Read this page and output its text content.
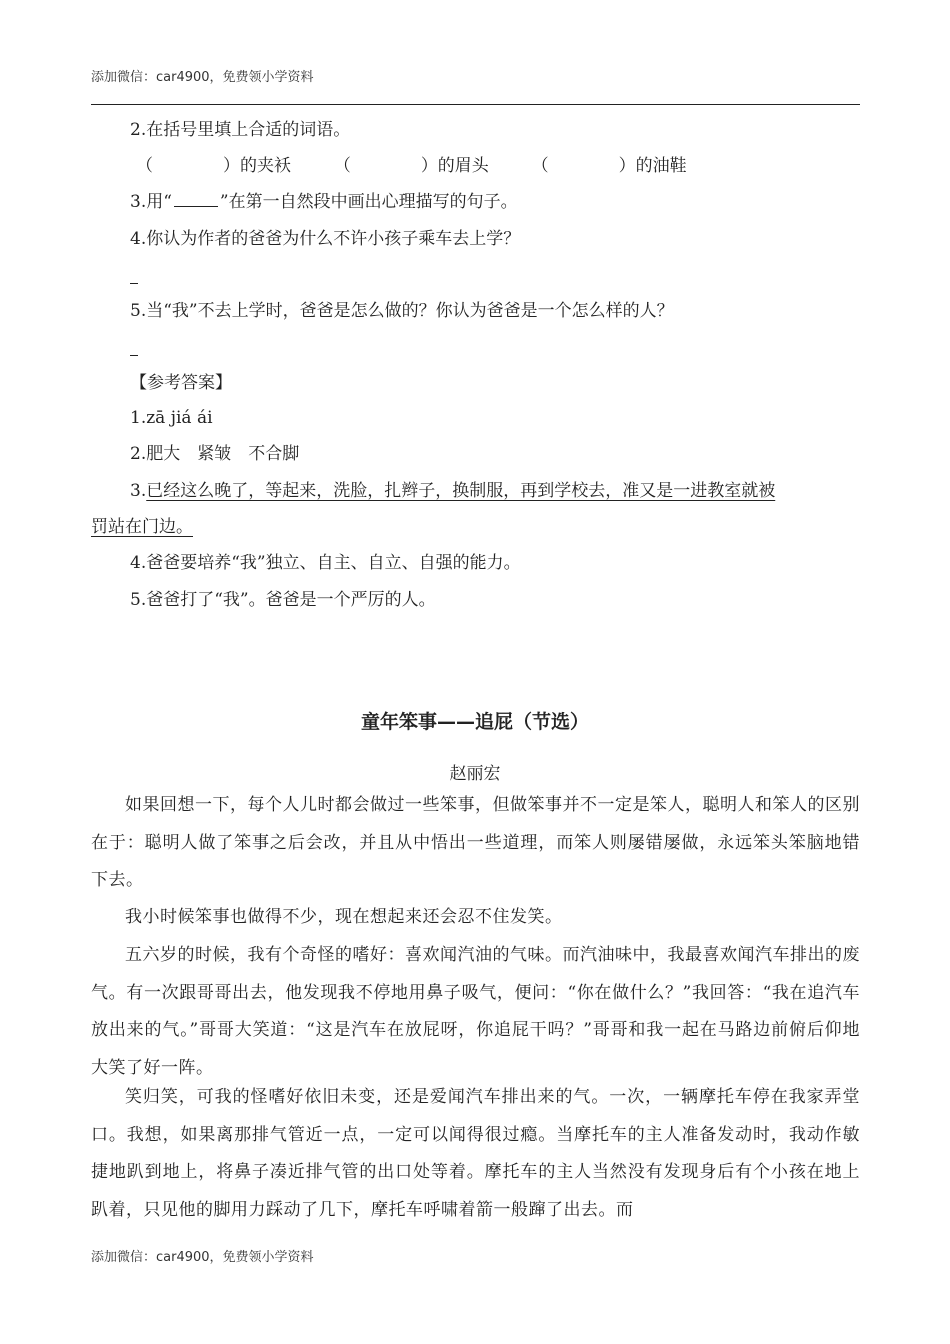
添加微信：car4900，免费领小学资料
2.在括号里填上合适的词语。
（	）的夹袄	（	）的眉头	（	）的油鞋
3.用“	”在第一自然段中画出心理描写的句子。
4.你认为作者的爸爸为什么不许小孩子乘车去上学？
5.当“我”不去上学时，爸爸是怎么做的？你认为爸爸是一个怎么样的人？
【参考答案】
1.zā jiá ái
2.肥大　紧皱　不合脚
3.已经这么晚了，等起来，洗脸，扎辫子，换制服，再到学校去，准又是一进教室就被
罚站在门边。
4.爸爸要培养“我”独立、自主、自立、自强的能力。
5.爸爸打了“我”。爸爸是一个严厉的人。
童年笨事——追屁（节选）
赵丽宏

如果回想一下，每个人儿时都会做过一些笨事，但做笨事并不一定是笨人，聪明人和笨人的区别在于：聪明人做了笨事之后会改，并且从中悟出一些道理，而笨人则屡错屡做，永远笨头笨脑地错下去。

我小时候笨事也做得不少，现在想起来还会忍不住发笑。

五六岁的时候，我有个奇怪的嗜好：喜欢闻汽油的气味。而汽油味中，我最喜欢闻汽车排出的废气。有一次跟哥哥出去，他发现我不停地用鼻子吸气，便问：“你在做什么？”我回答：“我在追汽车放出来的气。”哥哥大笑道：“这是汽车在放屁呀，你追屁干吗？”哥哥和我一起在马路边前俯后仰地大笑了好一阵。

笑归笑，可我的怪嗜好依旧未变，还是爱闻汽车排出来的气。一次，一辆摩托车停在我家弄堂口。我想，如果离那排气管近一点，一定可以闻得很过瘾。当摩托车的主人准备发动时，我动作敏捷地趴到地上，将鼻子凑近排气管的出口处等着。摩托车的主人当然没有发现身后有个小孩在地上趴着，只见他的脚用力踩动了几下，摩托车呼啸着箭一般蹿了出去。而

添加微信：car4900，免费领小学资料
